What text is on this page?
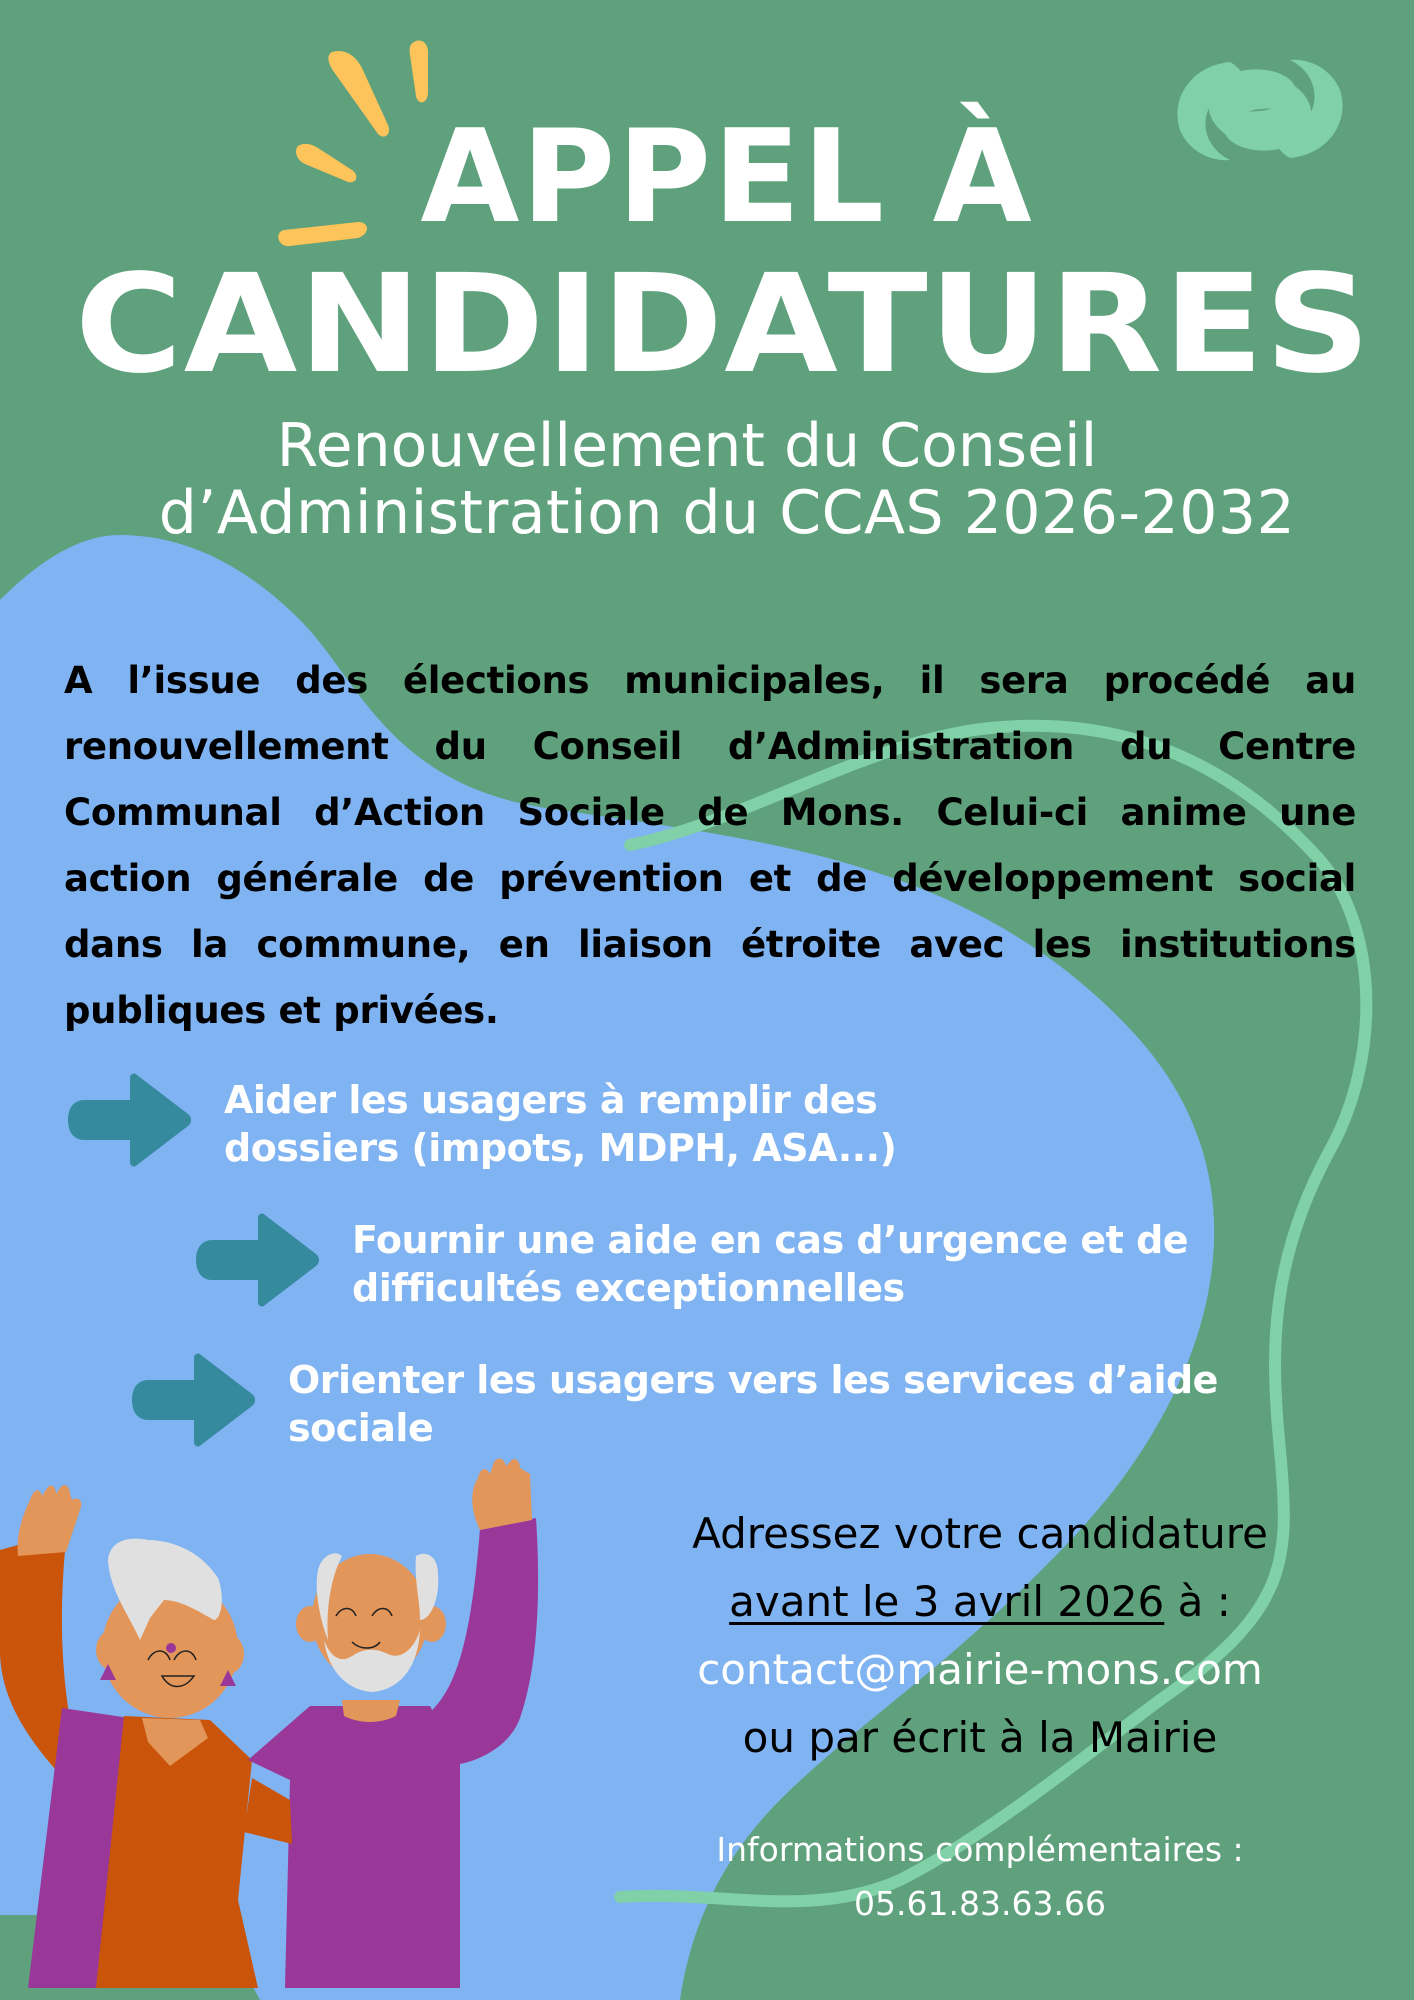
APPEL À
CANDIDATURES
Renouvellement du Conseil
d’Administration du CCAS 2026-2032
A l’issue des élections municipales, il sera procédé au renouvellement du Conseil d’Administration du Centre Communal d’Action Sociale de Mons. Celui-ci anime une action générale de prévention et de développement social dans la commune, en liaison étroite avec les institutions publiques et privées.
Aider les usagers à remplir des
dossiers (impots, MDPH, ASA...)
Fournir une aide en cas d’urgence et de
difficultés exceptionnelles
Orienter les usagers vers les services d’aide
sociale
Adressez votre candidature
avant le 3 avril 2026 à :
contact@mairie-mons.com
ou par écrit à la Mairie
Informations complémentaires :
05.61.83.63.66
